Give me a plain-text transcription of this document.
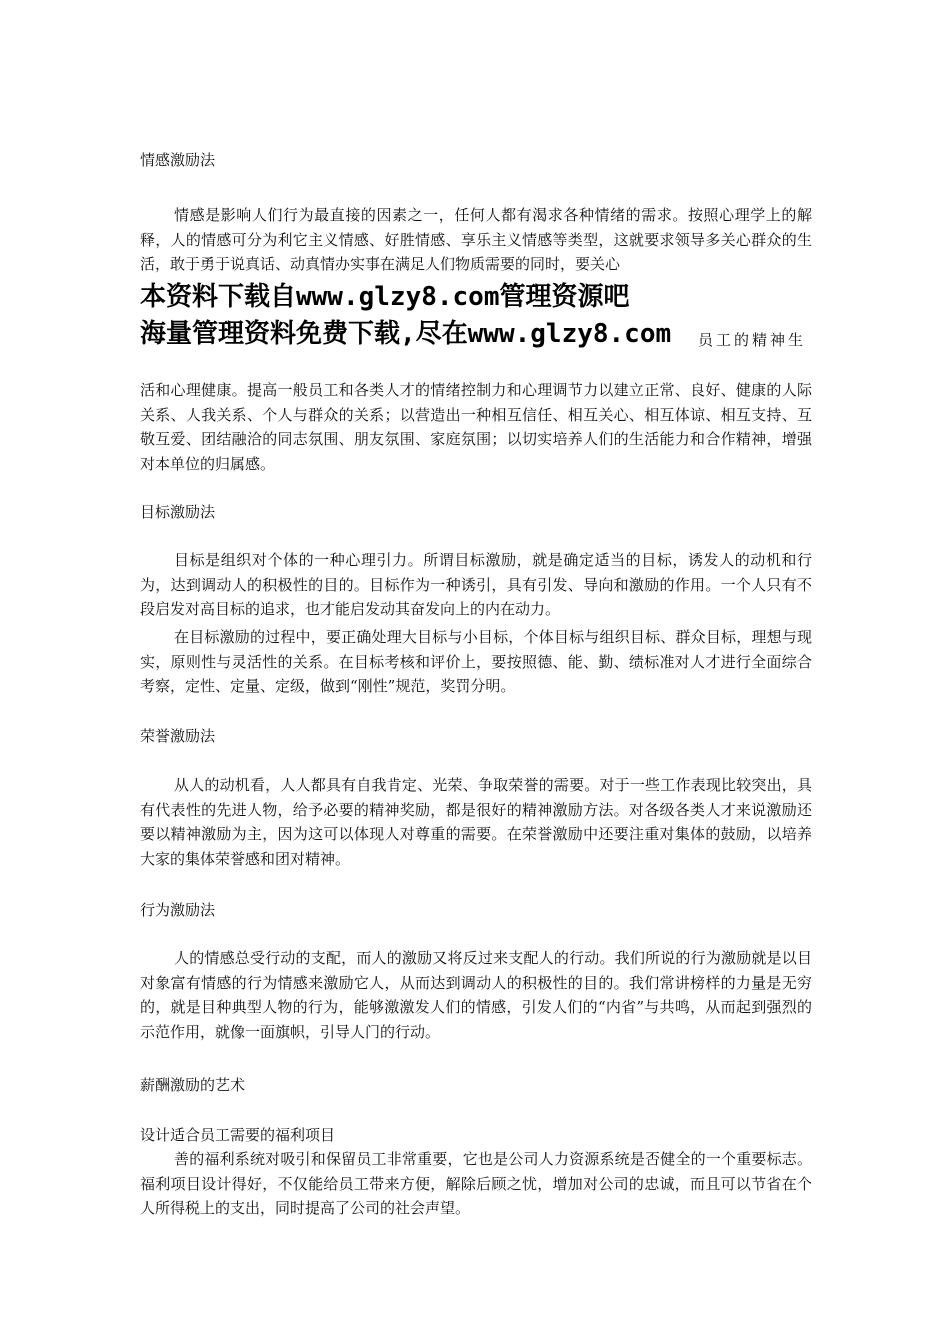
情感激励法

情感是影响人们行为最直接的因素之一，任何人都有渴求各种情绪的需求。按照心理学上的解释，人的情感可分为利它主义情感、好胜情感、享乐主义情感等类型，这就要求领导多关心群众的生活，敢于勇于说真话、动真情办实事在满足人们物质需要的同时，要关心

本资料下载自www.glzy8.com管理资源吧
海量管理资料免费下载,尽在www.glzy8.com 员工的精神生

活和心理健康。提高一般员工和各类人才的情绪控制力和心理调节力以建立正常、良好、健康的人际关系、人我关系、个人与群众的关系；以营造出一种相互信任、相互关心、相互体谅、相互支持、互敬互爱、团结融洽的同志氛围、朋友氛围、家庭氛围；以切实培养人们的生活能力和合作精神，增强对本单位的归属感。

目标激励法

目标是组织对个体的一种心理引力。所谓目标激励，就是确定适当的目标，诱发人的动机和行为，达到调动人的积极性的目的。目标作为一种诱引，具有引发、导向和激励的作用。一个人只有不段启发对高目标的追求，也才能启发动其奋发向上的内在动力。

在目标激励的过程中，要正确处理大目标与小目标，个体目标与组织目标、群众目标，理想与现实，原则性与灵活性的关系。在目标考核和评价上，要按照德、能、勤、绩标准对人才进行全面综合考察，定性、定量、定级，做到“刚性”规范，奖罚分明。

荣誉激励法

从人的动机看，人人都具有自我肯定、光荣、争取荣誉的需要。对于一些工作表现比较突出，具有代表性的先进人物，给予必要的精神奖励，都是很好的精神激励方法。对各级各类人才来说激励还要以精神激励为主，因为这可以体现人对尊重的需要。在荣誉激励中还要注重对集体的鼓励，以培养大家的集体荣誉感和团对精神。

行为激励法

人的情感总受行动的支配，而人的激励又将反过来支配人的行动。我们所说的行为激励就是以目对象富有情感的行为情感来激励它人，从而达到调动人的积极性的目的。我们常讲榜样的力量是无穷的，就是目种典型人物的行为，能够激激发人们的情感，引发人们的“内省”与共鸣，从而起到强烈的示范作用，就像一面旗帜，引导人门的行动。

薪酬激励的艺术
设计适合员工需要的福利项目

善的福利系统对吸引和保留员工非常重要，它也是公司人力资源系统是否健全的一个重要标志。福利项目设计得好，不仅能给员工带来方便，解除后顾之忧，增加对公司的忠诚，而且可以节省在个人所得税上的支出，同时提高了公司的社会声望。
